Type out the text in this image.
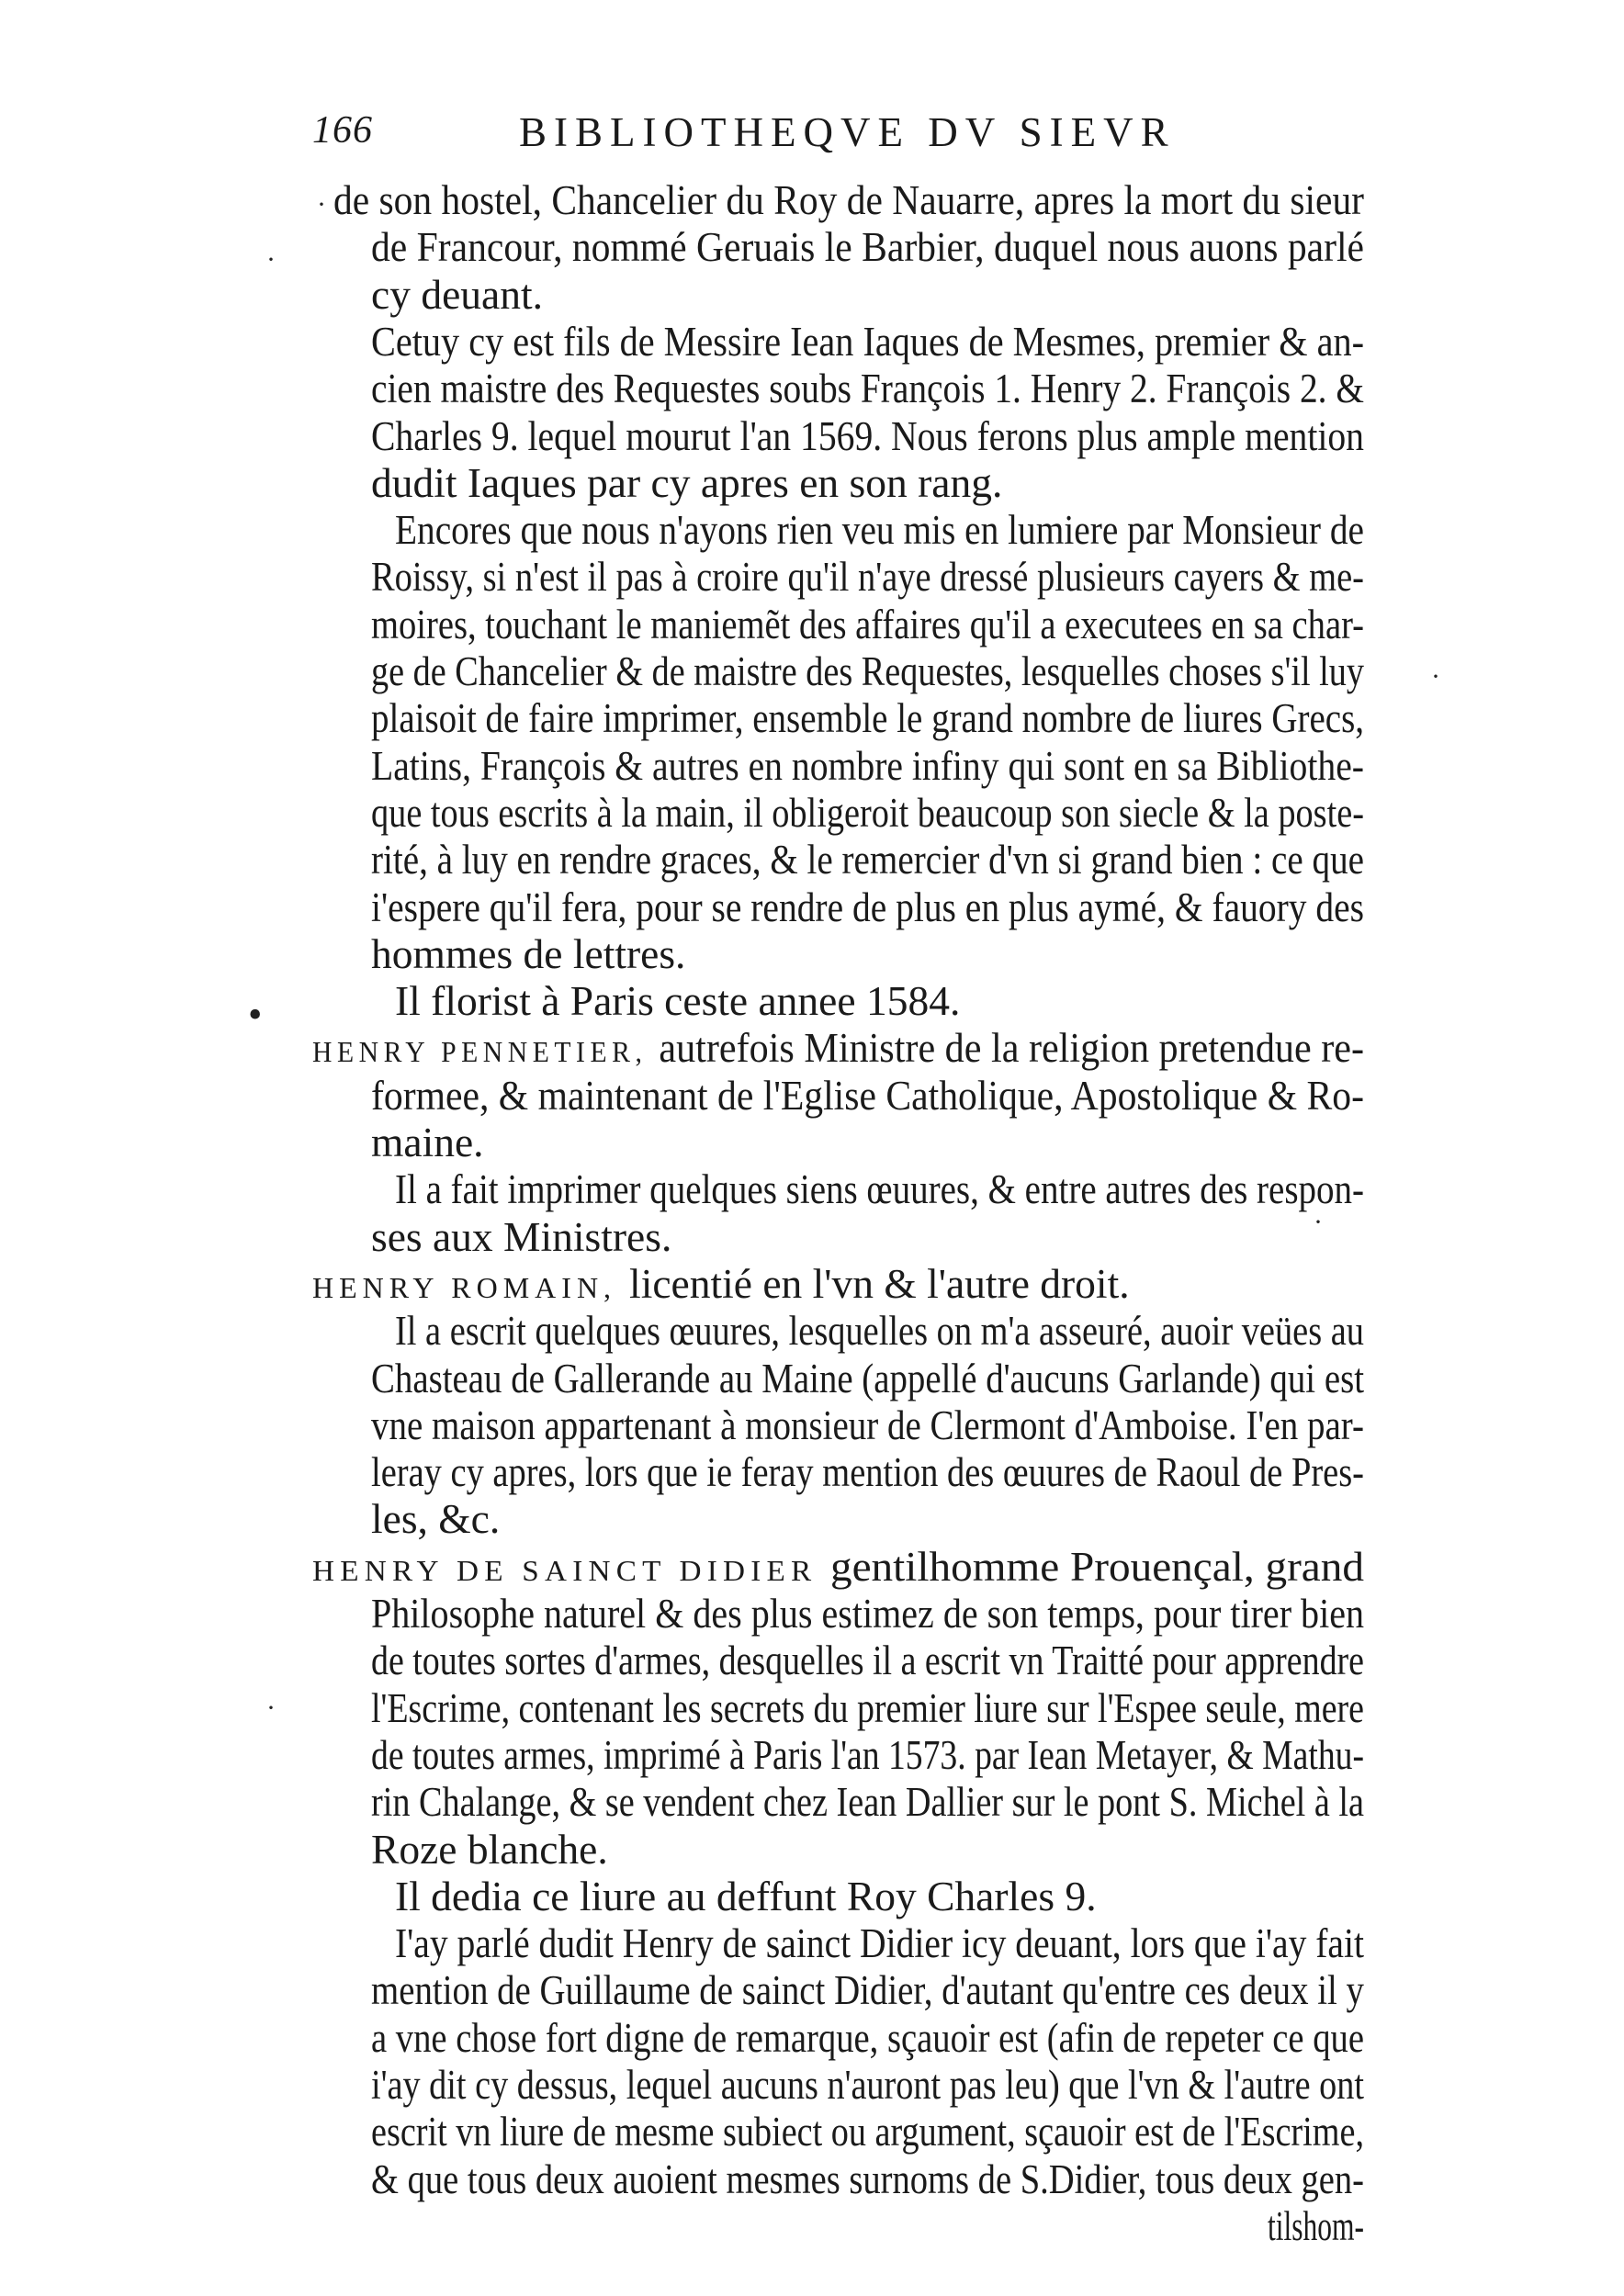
166	BIBLIOTHEQVE DV SIEVR
de son hostel, Chancelier du Roy de Nauarre, apres la mort du sieur
de Francour, nommé Geruais le Barbier, duquel nous auons parlé
cy deuant.
Cetuy cy est fils de Messire Iean Iaques de Mesmes, premier & an-
cien maistre des Requestes soubs François 1. Henry 2. François 2. &
Charles 9. lequel mourut l'an 1569. Nous ferons plus ample mention
dudit Iaques par cy apres en son rang.
Encores que nous n'ayons rien veu mis en lumiere par Monsieur de
Roissy, si n'est il pas à croire qu'il n'aye dressé plusieurs cayers & me-
moires, touchant le maniemẽt des affaires qu'il a executees en sa char-
ge de Chancelier & de maistre des Requestes, lesquelles choses s'il luy
plaisoit de faire imprimer, ensemble le grand nombre de liures Grecs,
Latins, François & autres en nombre infiny qui sont en sa Bibliothe-
que tous escrits à la main, il obligeroit beaucoup son siecle & la poste-
rité, à luy en rendre graces, & le remercier d'vn si grand bien : ce que
i'espere qu'il fera, pour se rendre de plus en plus aymé, & fauory des
hommes de lettres.
Il florist à Paris ceste annee 1584.
HENRY PENNETIER, autrefois Ministre de la religion pretendue re-
formee, & maintenant de l'Eglise Catholique, Apostolique & Ro-
maine.
Il a fait imprimer quelques siens œuures, & entre autres des respon-
ses aux Ministres.
HENRY ROMAIN, licentié en l'vn & l'autre droit.
Il a escrit quelques œuures, lesquelles on m'a asseuré, auoir veües au
Chasteau de Gallerande au Maine (appellé d'aucuns Garlande) qui est
vne maison appartenant à monsieur de Clermont d'Amboise. I'en par-
leray cy apres, lors que ie feray mention des œuures de Raoul de Pres-
les, &c.
HENRY DE SAINCT DIDIER gentilhomme Prouençal, grand
Philosophe naturel & des plus estimez de son temps, pour tirer bien
de toutes sortes d'armes, desquelles il a escrit vn Traitté pour apprendre
l'Escrime, contenant les secrets du premier liure sur l'Espee seule, mere
de toutes armes, imprimé à Paris l'an 1573. par Iean Metayer, & Mathu-
rin Chalange, & se vendent chez Iean Dallier sur le pont S. Michel à la
Roze blanche.
Il dedia ce liure au deffunt Roy Charles 9.
I'ay parlé dudit Henry de sainct Didier icy deuant, lors que i'ay fait
mention de Guillaume de sainct Didier, d'autant qu'entre ces deux il y
a vne chose fort digne de remarque, sçauoir est (afin de repeter ce que
i'ay dit cy dessus, lequel aucuns n'auront pas leu) que l'vn & l'autre ont
escrit vn liure de mesme subiect ou argument, sçauoir est de l'Escrime,
& que tous deux auoient mesmes surnoms de S.Didier, tous deux gen-
tilshom-
·
·
·
•
·
·
